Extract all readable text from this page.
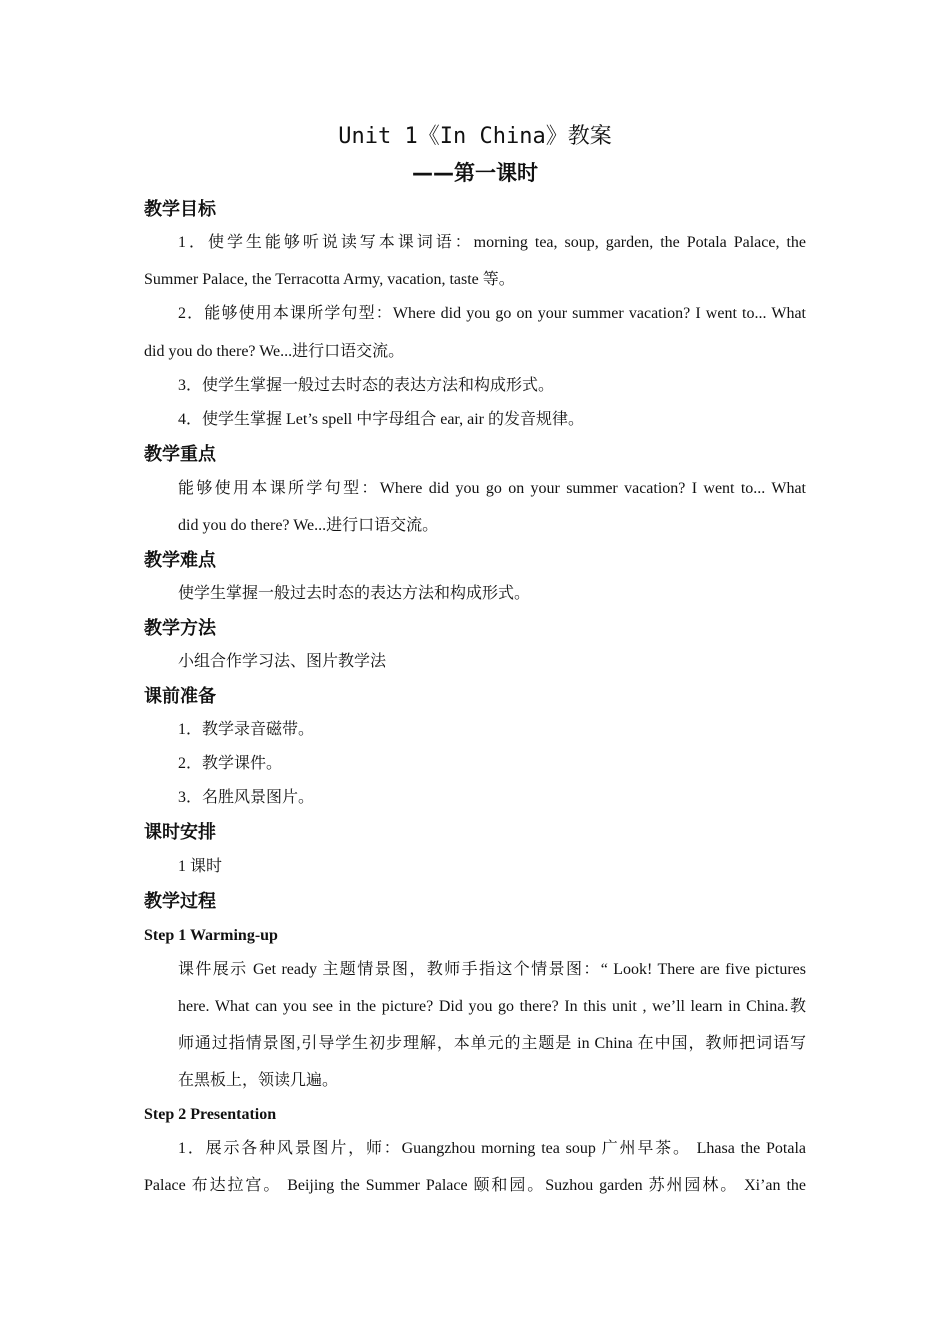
Unit 1《In China》教案
——第一课时
教学目标
1．使学生能够听说读写本课词语：morning tea, soup, garden, the Potala Palace, the
Summer Palace, the Terracotta Army, vacation, taste 等。
2．能够使用本课所学句型：Where did you go on your summer vacation? I went to... What
did you do there? We...进行口语交流。
3．使学生掌握一般过去时态的表达方法和构成形式。
4．使学生掌握 Let’s spell 中字母组合 ear, air 的发音规律。
教学重点
能够使用本课所学句型：Where did you go on your summer vacation? I went to... What
did you do there? We...进行口语交流。
教学难点
使学生掌握一般过去时态的表达方法和构成形式。
教学方法
小组合作学习法、图片教学法
课前准备
1．教学录音磁带。
2．教学课件。
3．名胜风景图片。
课时安排
1 课时
教学过程
Step 1 Warming-up
课件展示 Get ready 主题情景图，教师手指这个情景图：“ Look! There are five pictures
here. What can you see in the picture? Did you go there? In this unit , we’ll learn in China.教
师通过指情景图,引导学生初步理解，本单元的主题是 in China 在中国，教师把词语写
在黑板上，领读几遍。
Step 2 Presentation
1．展示各种风景图片，师：Guangzhou morning tea soup 广州早茶。 Lhasa the Potala
Palace 布达拉宫。 Beijing the Summer Palace 颐和园。Suzhou garden 苏州园林。 Xi’an the
